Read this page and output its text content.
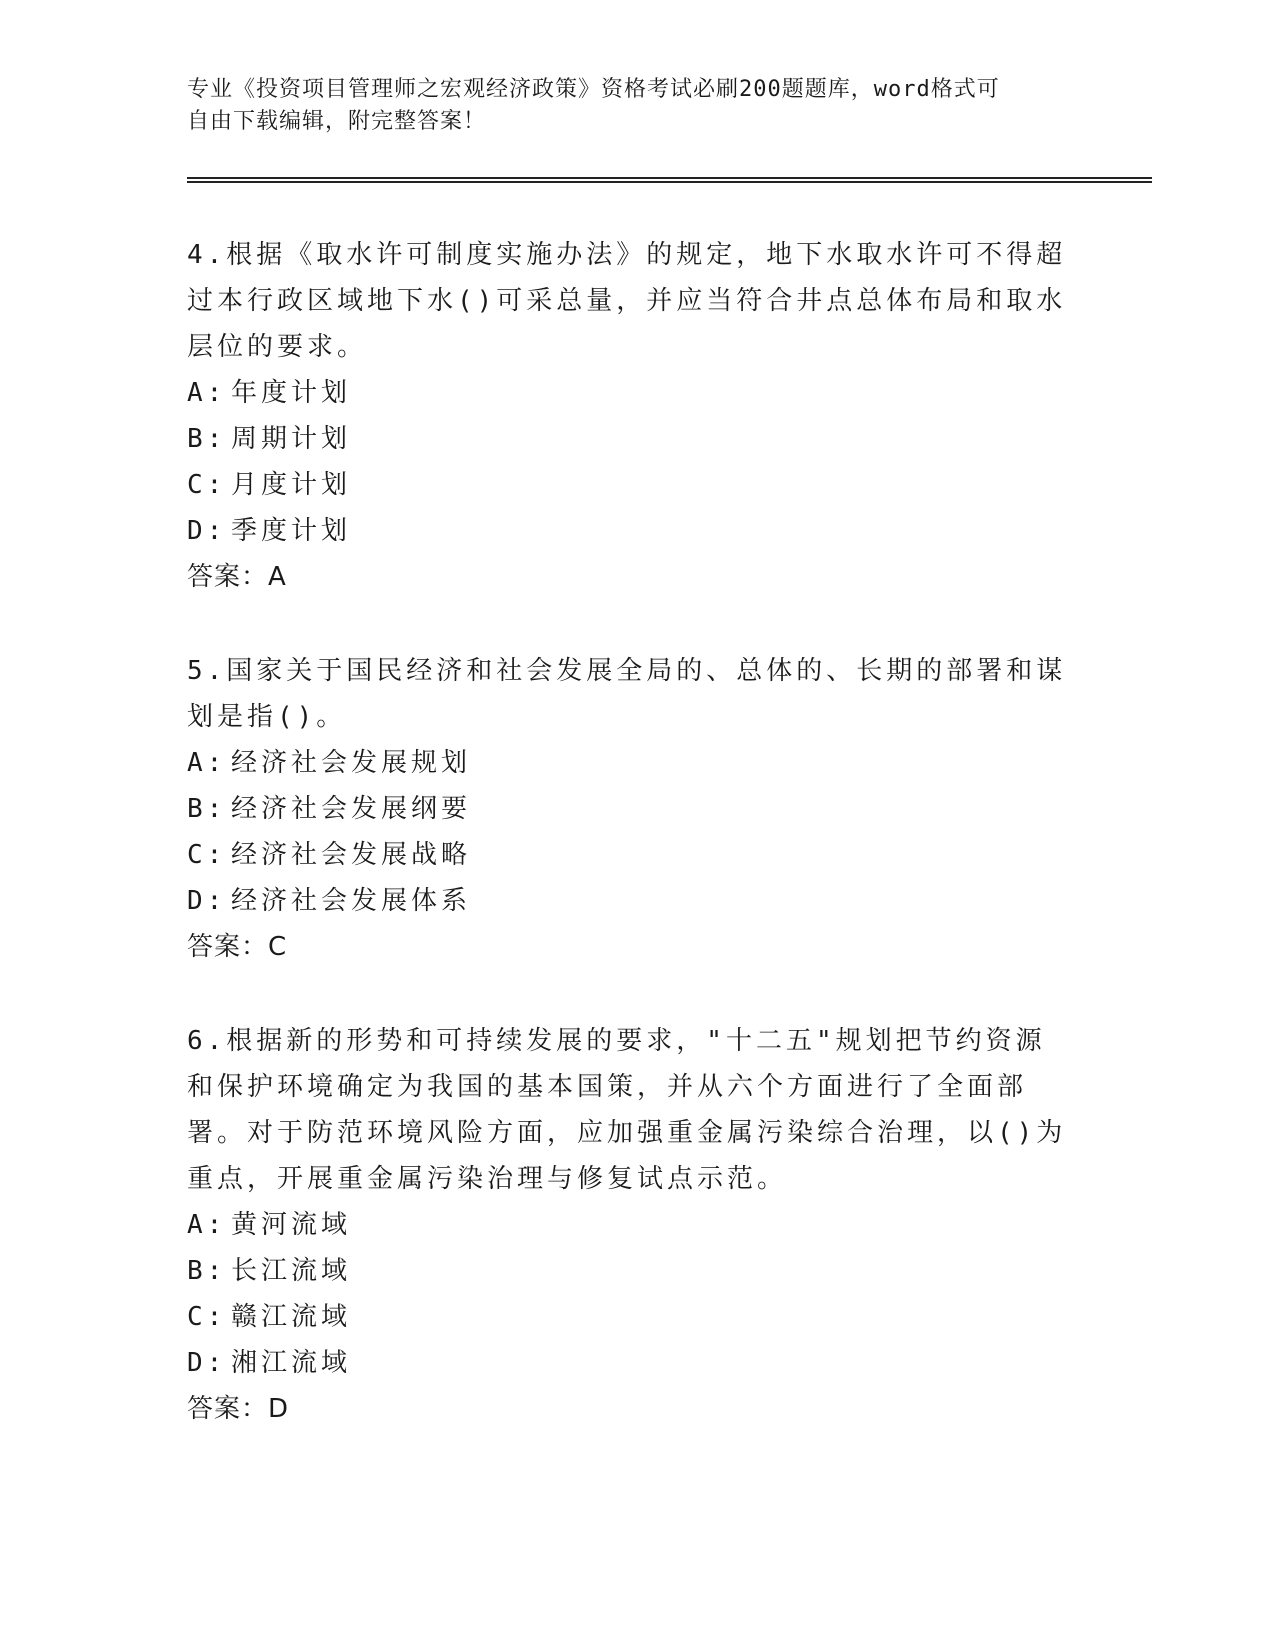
专业《投资项目管理师之宏观经济政策》资格考试必刷200题题库，word格式可
自由下载编辑，附完整答案！

4.根据《取水许可制度实施办法》的规定，地下水取水许可不得超过本行政区域地下水()可采总量，并应当符合井点总体布局和取水层位的要求。

A: 年度计划
B: 周期计划
C: 月度计划
D: 季度计划

答案：A

5.国家关于国民经济和社会发展全局的、总体的、长期的部署和谋划是指()。

A: 经济社会发展规划
B: 经济社会发展纲要
C: 经济社会发展战略
D: 经济社会发展体系

答案：C

6.根据新的形势和可持续发展的要求，"十二五"规划把节约资源和保护环境确定为我国的基本国策，并从六个方面进行了全面部署。对于防范环境风险方面，应加强重金属污染综合治理，以()为重点，开展重金属污染治理与修复试点示范。

A: 黄河流域
B: 长江流域
C: 赣江流域
D: 湘江流域

答案：D
